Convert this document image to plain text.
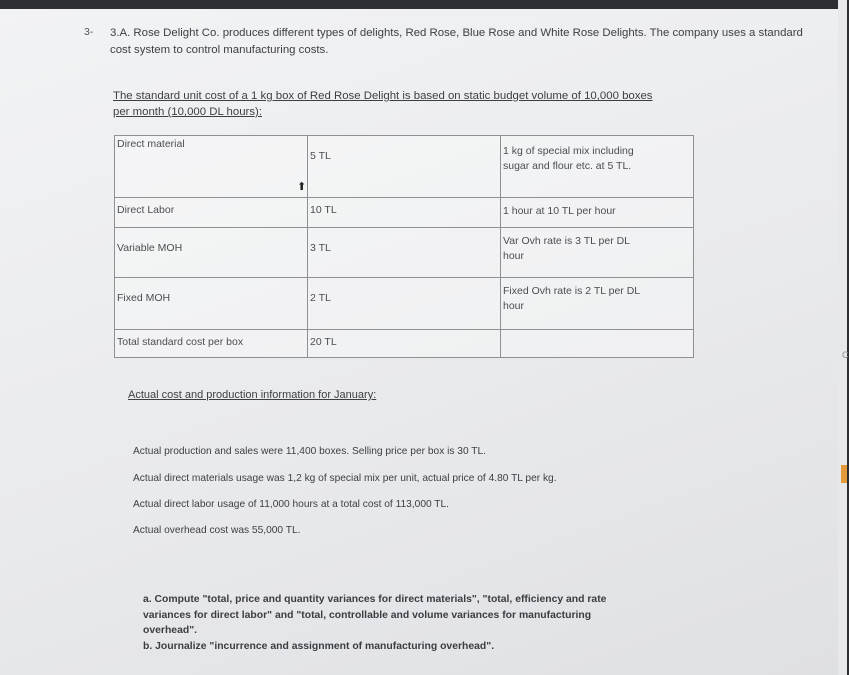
3- 3.A. Rose Delight Co. produces different types of delights, Red Rose, Blue Rose and White Rose Delights. The company uses a standard cost system to control manufacturing costs.
The standard unit cost of a 1 kg box of Red Rose Delight is based on static budget volume of 10,000 boxes
per month (10,000 DL hours):
Direct material	5 TL	1 kg of special mix including
sugar and flour etc. at 5 TL.

Direct Labor	10 TL	1 hour at 10 TL per hour

Variable MOH	3 TL	Var Ovh rate is 3 TL per DL
hour

Fixed MOH	2 TL	Fixed Ovh rate is 2 TL per DL
hour

Total standard cost per box	20 TL	
⬆
Actual cost and production information for January:
Actual production and sales were 11,400 boxes. Selling price per box is 30 TL.
Actual direct materials usage was 1,2 kg of special mix per unit, actual price of 4.80 TL per kg.
Actual direct labor usage of 11,000 hours at a total cost of 113,000 TL.
Actual overhead cost was 55,000 TL.
a. Compute "total, price and quantity variances for direct materials", "total, efficiency and rate
variances for direct labor" and "total, controllable and volume variances for manufacturing
overhead".
b. Journalize "incurrence and assignment of manufacturing overhead".
C
